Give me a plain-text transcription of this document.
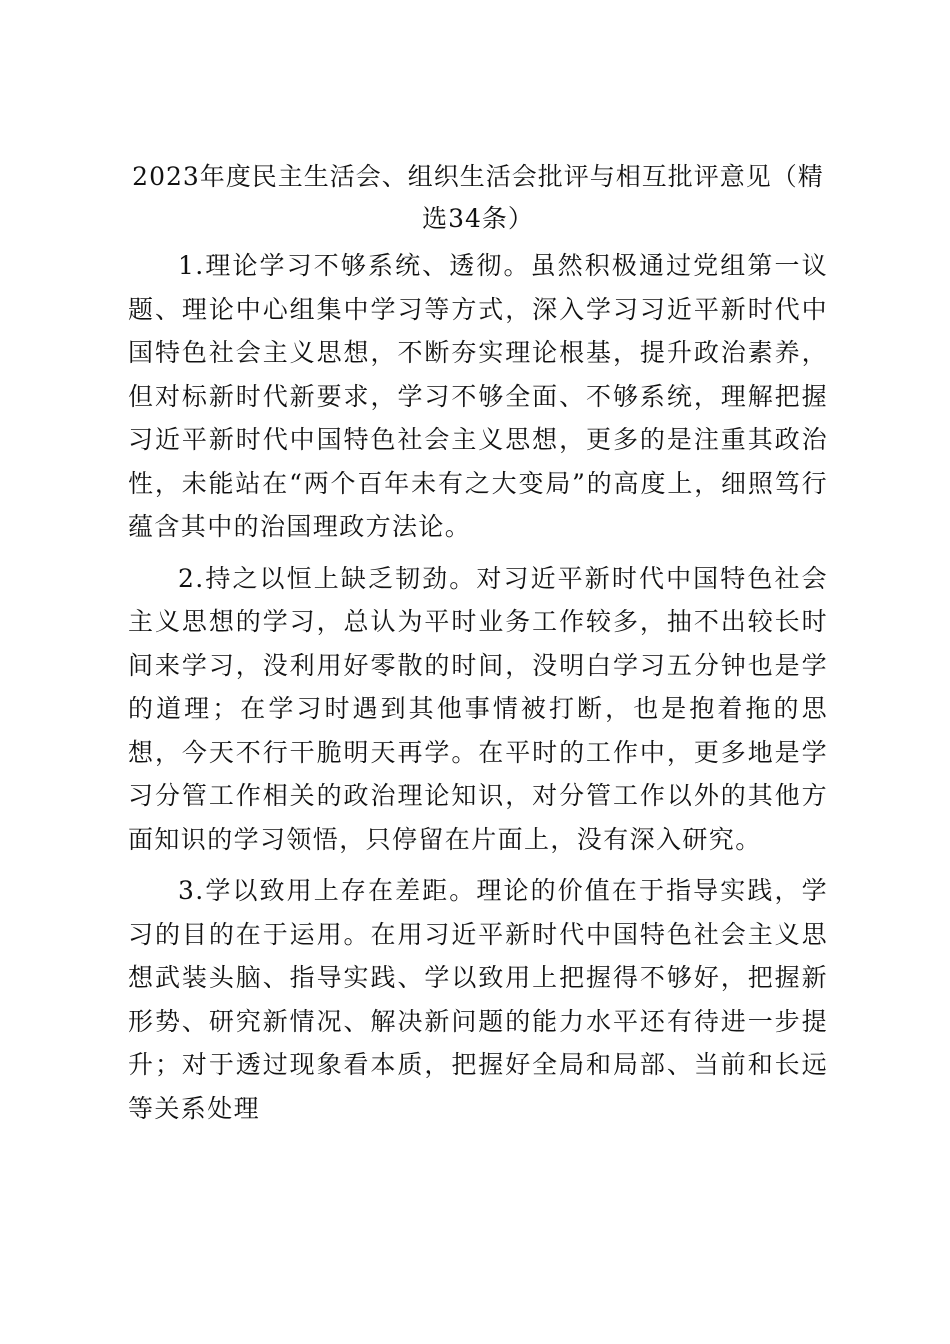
2023年度民主生活会、组织生活会批评与相互批评意见（精选34条）

1.理论学习不够系统、透彻。虽然积极通过党组第一议题、理论中心组集中学习等方式，深入学习习近平新时代中国特色社会主义思想，不断夯实理论根基，提升政治素养，但对标新时代新要求，学习不够全面、不够系统，理解把握习近平新时代中国特色社会主义思想，更多的是注重其政治性，未能站在“两个百年未有之大变局”的高度上，细照笃行蕴含其中的治国理政方法论。

2.持之以恒上缺乏韧劲。对习近平新时代中国特色社会主义思想的学习，总认为平时业务工作较多，抽不出较长时间来学习，没利用好零散的时间，没明白学习五分钟也是学的道理；在学习时遇到其他事情被打断，也是抱着拖的思想，今天不行干脆明天再学。在平时的工作中，更多地是学习分管工作相关的政治理论知识，对分管工作以外的其他方面知识的学习领悟，只停留在片面上，没有深入研究。

3.学以致用上存在差距。理论的价值在于指导实践，学习的目的在于运用。在用习近平新时代中国特色社会主义思想武装头脑、指导实践、学以致用上把握得不够好，把握新形势、研究新情况、解决新问题的能力水平还有待进一步提升；对于透过现象看本质，把握好全局和局部、当前和长远等关系处理
